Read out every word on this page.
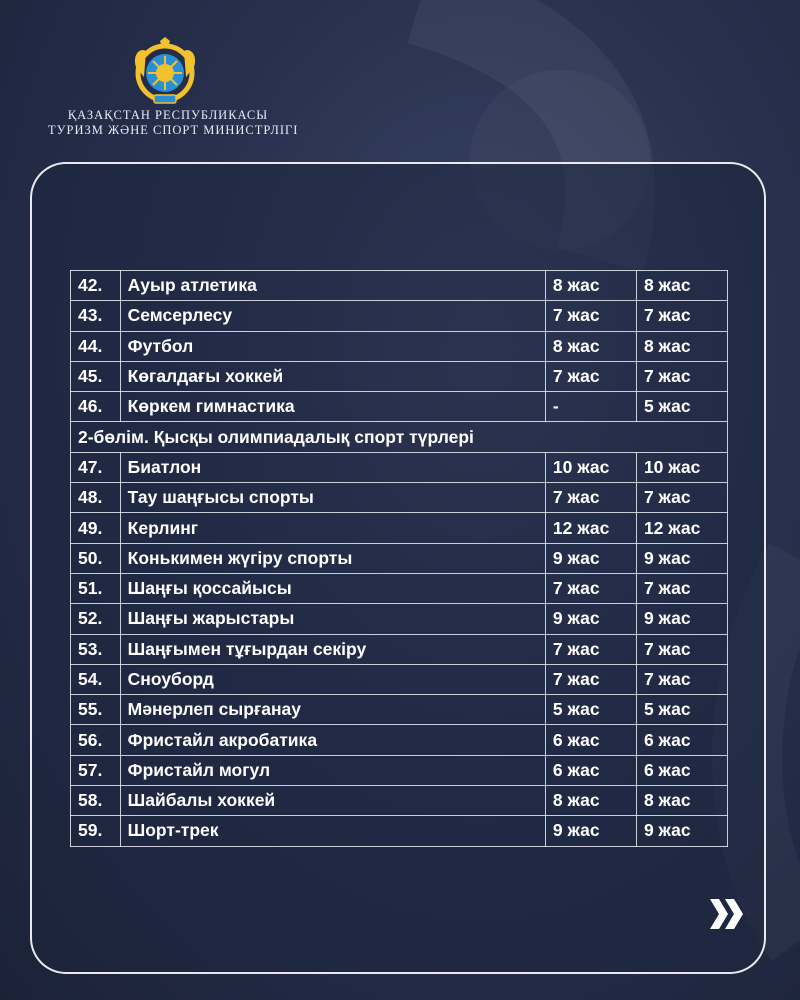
ҚАЗАҚСТАН РЕСПУБЛИКАСЫ
ТУРИЗМ ЖӘНЕ СПОРТ МИНИСТРЛІГІ
42.	Ауыр атлетика	8 жас	8 жас
43.	Семсерлесу	7 жас	7 жас
44.	Футбол	8 жас	8 жас
45.	Көгалдағы хоккей	7 жас	7 жас
46.	Көркем гимнастика	-	5 жас
2-бөлім. Қысқы олимпиадалық спорт түрлері			
47.	Биатлон	10 жас	10 жас
48.	Тау шаңғысы спорты	7 жас	7 жас
49.	Керлинг	12 жас	12 жас
50.	Конькимен жүгіру спорты	9 жас	9 жас
51.	Шаңғы қоссайысы	7 жас	7 жас
52.	Шаңғы жарыстары	9 жас	9 жас
53.	Шаңғымен тұғырдан секіру	7 жас	7 жас
54.	Сноуборд	7 жас	7 жас
55.	Мәнерлеп сырғанау	5 жас	5 жас
56.	Фристайл акробатика	6 жас	6 жас
57.	Фристайл могул	6 жас	6 жас
58.	Шайбалы хоккей	8 жас	8 жас
59.	Шорт-трек	9 жас	9 жас
